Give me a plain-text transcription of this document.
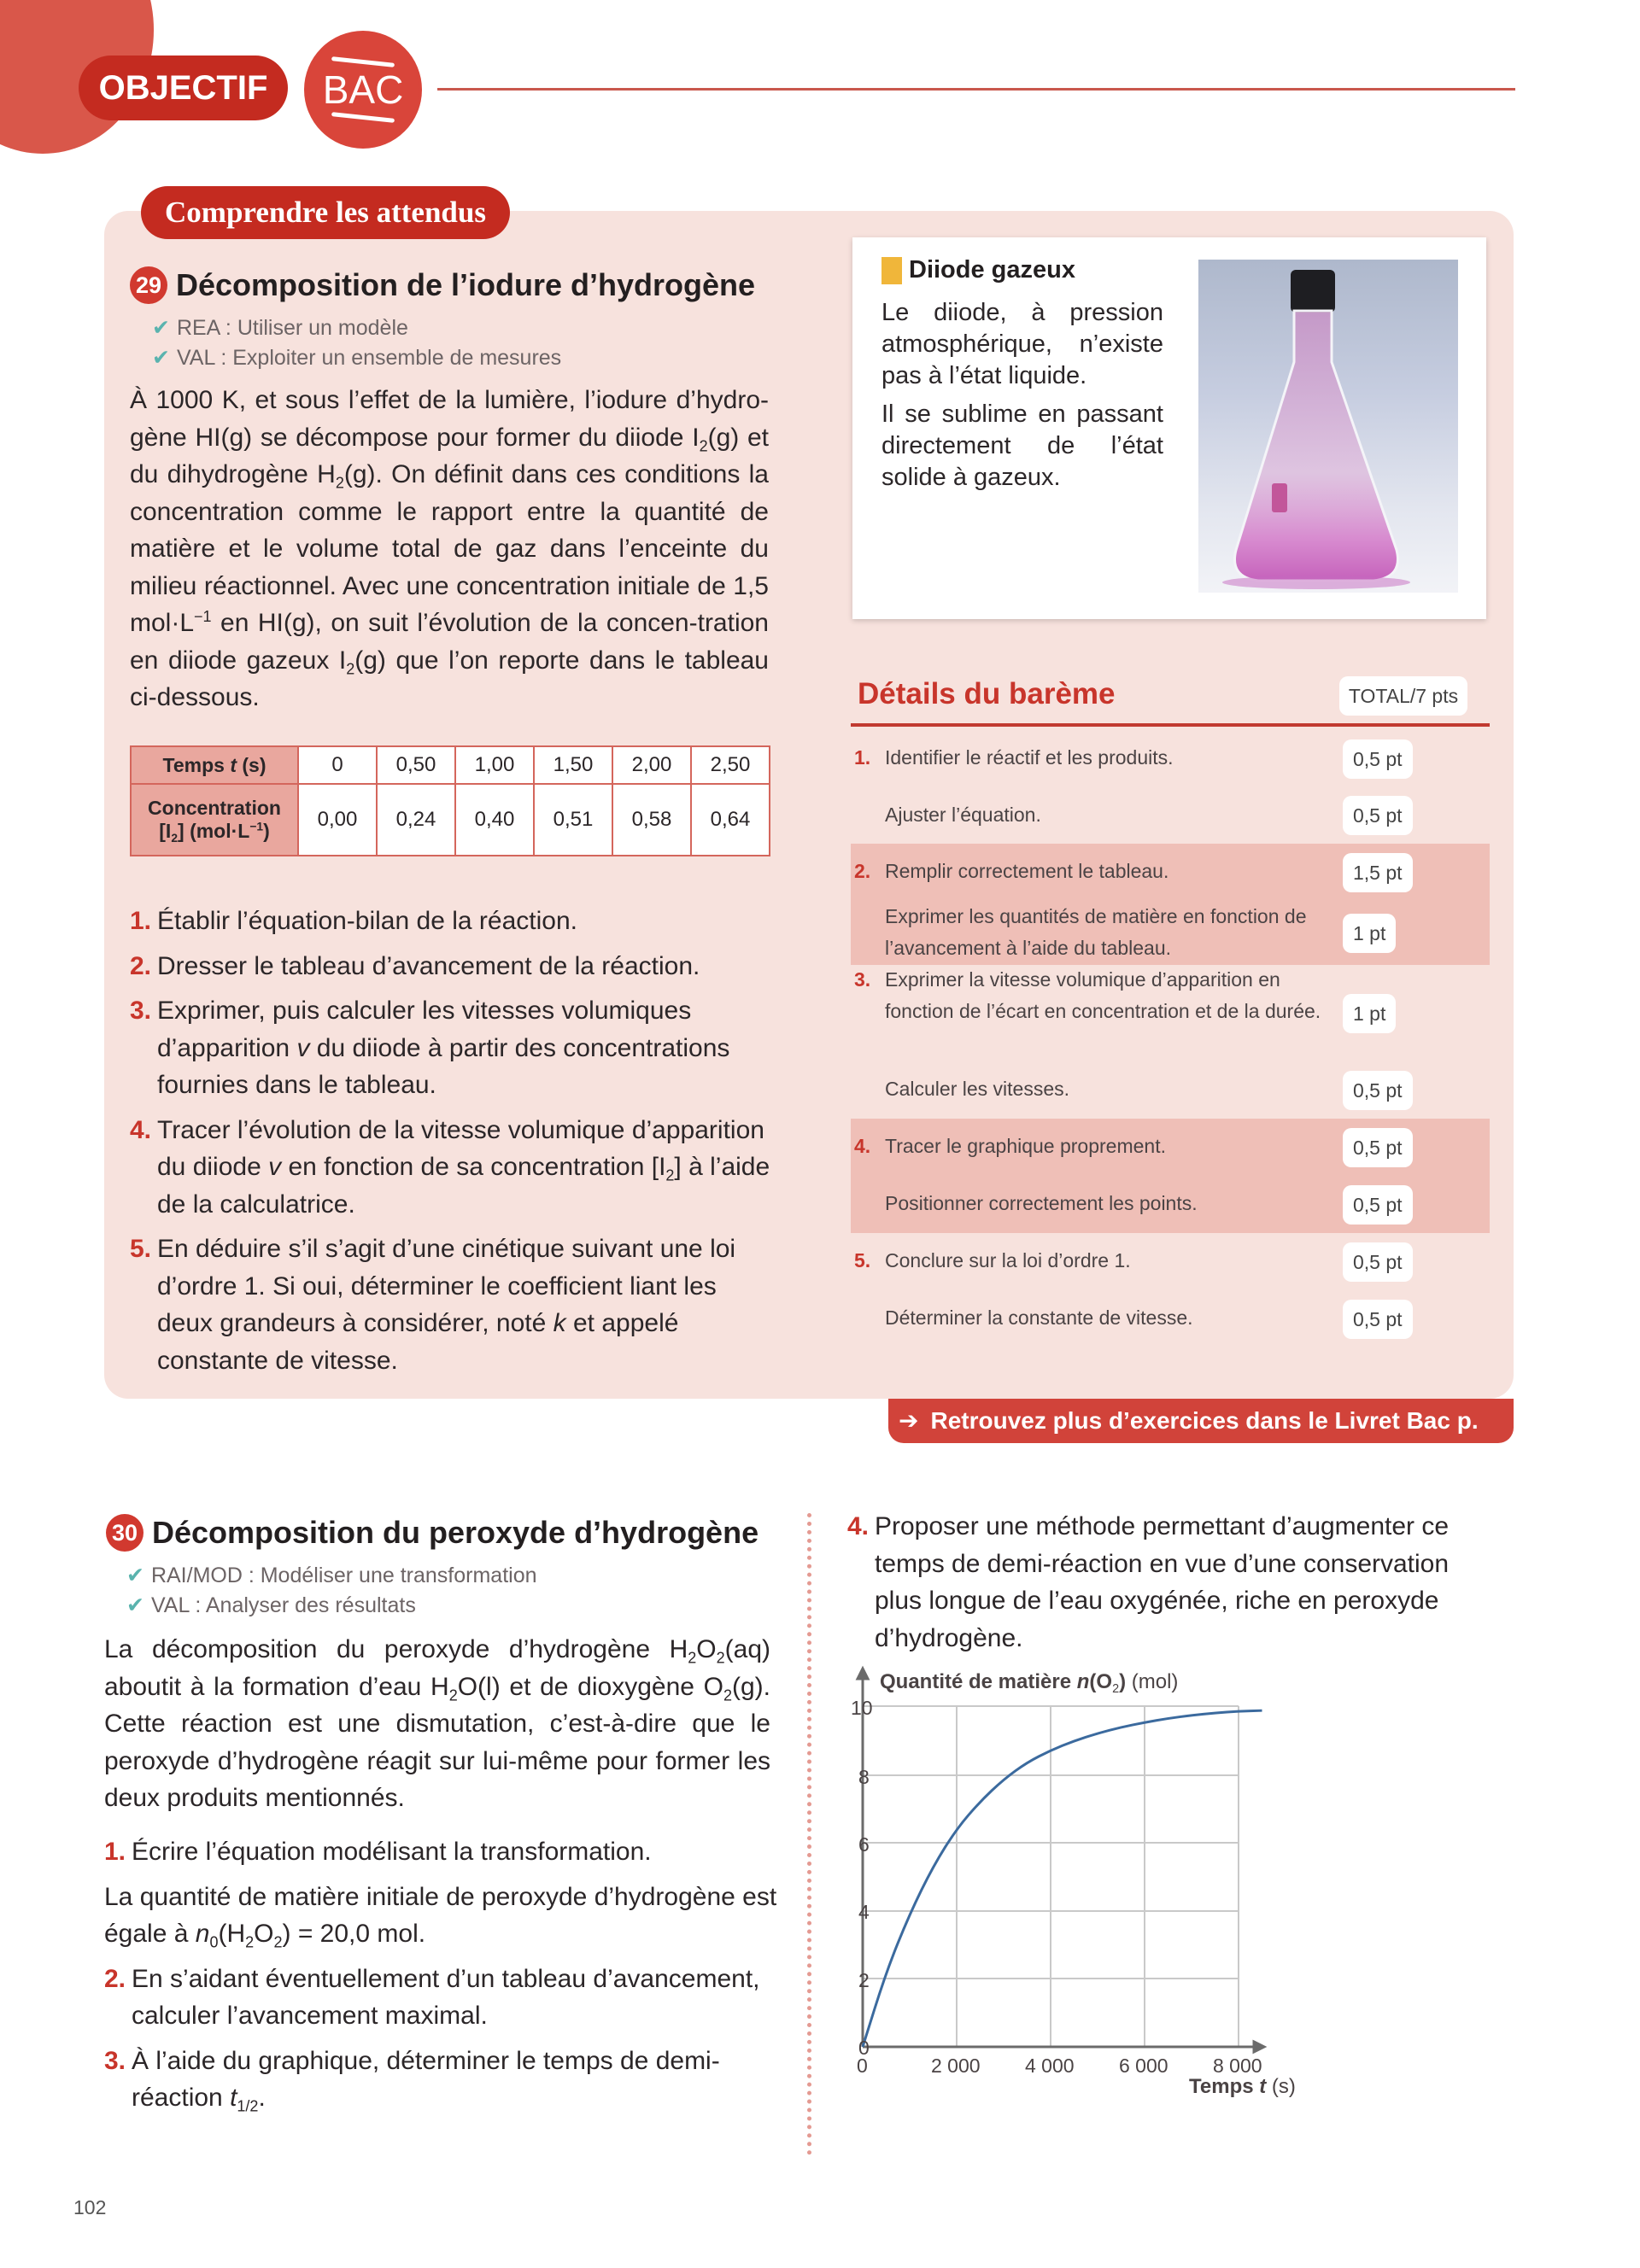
OBJECTIF	BAC
Comprendre les attendus
29 Décomposition de l’iodure d’hydrogène
✔ REA : Utiliser un modèle
✔ VAL : Exploiter un ensemble de mesures
À 1000 K, et sous l’effet de la lumière, l’iodure d’hydro-gène HI(g) se décompose pour former du diiode $I_2(g)$ et du dihydrogène $H_2(g)$. On définit dans ces conditions la concentration comme le rapport entre la quantité de matière et le volume total de gaz dans l’enceinte du milieu réactionnel. Avec une concentration initiale de 1,5 $mol\cdot L^{-1}$ en HI(g), on suit l’évolution de la concen-tration en diiode gazeux $I_2(g)$ que l’on reporte dans le tableau ci-dessous.
Temps t (s)	0	0,50	1,00	1,50	2,00	2,50

Concentration
$[I_2]$ $(mol\cdot L^{-1})$	0,00	0,24	0,40	0,51	0,58	0,64
1. Établir l’équation-bilan de la réaction.
2. Dresser le tableau d’avancement de la réaction.
3. Exprimer, puis calculer les vitesses volumiques d’apparition v du diiode à partir des concentrations fournies dans le tableau.
4. Tracer l’évolution de la vitesse volumique d’apparition du diiode v en fonction de sa concentration $[I_2]$ à l’aide de la calculatrice.
5. En déduire s’il s’agit d’une cinétique suivant une loi d’ordre 1. Si oui, déterminer le coefficient liant les deux grandeurs à considérer, noté k et appelé constante de vitesse.
Diiode gazeux

Le diiode, à pression atmosphérique, n’existe pas à l’état liquide.

Il se sublime en passant directement de l’état solide à gazeux.

Détails du barème	TOTAL/7 pts
1. Identifier le réactif et les produits.	0,5 pt
Ajuster l’équation.	0,5 pt
2. Remplir correctement le tableau.	1,5 pt
Exprimer les quantités de matière en fonction de l’avancement à l’aide du tableau.
1 pt
3. Exprimer la vitesse volumique d’apparition en fonction de l’écart en concentration et de la durée.	1 pt
Calculer les vitesses.	0,5 pt
4. Tracer le graphique proprement.	0,5 pt
Positionner correctement les points.	0,5 pt
5. Conclure sur la loi d’ordre 1.	0,5 pt
Déterminer la constante de vitesse.	0,5 pt
➔ Retrouvez plus d’exercices dans le Livret Bac p. 126
30 Décomposition du peroxyde d’hydrogène
✔ RAI/MOD : Modéliser une transformation
✔ VAL : Analyser des résultats
La décomposition du peroxyde d’hydrogène $H_2O_2(aq)$ aboutit à la formation d’eau $H_2O(l)$ et de dioxygène $O_2(g)$. Cette réaction est une dismutation, c’est-à-dire que le peroxyde d’hydrogène réagit sur lui-même pour former les deux produits mentionnés.
1. Écrire l’équation modélisant la transformation.
La quantité de matière initiale de peroxyde d’hydrogène est égale à $n_0(H_2O_2) = 20,0$ mol.
2. En s’aidant éventuellement d’un tableau d’avancement, calculer l’avancement maximal.
3. À l’aide du graphique, déterminer le temps de demi-réaction $t_{1/2}$.
4. Proposer une méthode permettant d’augmenter ce temps de demi-réaction en vue d’une conservation plus longue de l’eau oxygénée, riche en peroxyde d’hydrogène.
Quantité de matière $n(O_2)$ (mol)
10
8
6
4
2
0
0	2 000 4 000 6 000 8 000
Temps t (s)
102
